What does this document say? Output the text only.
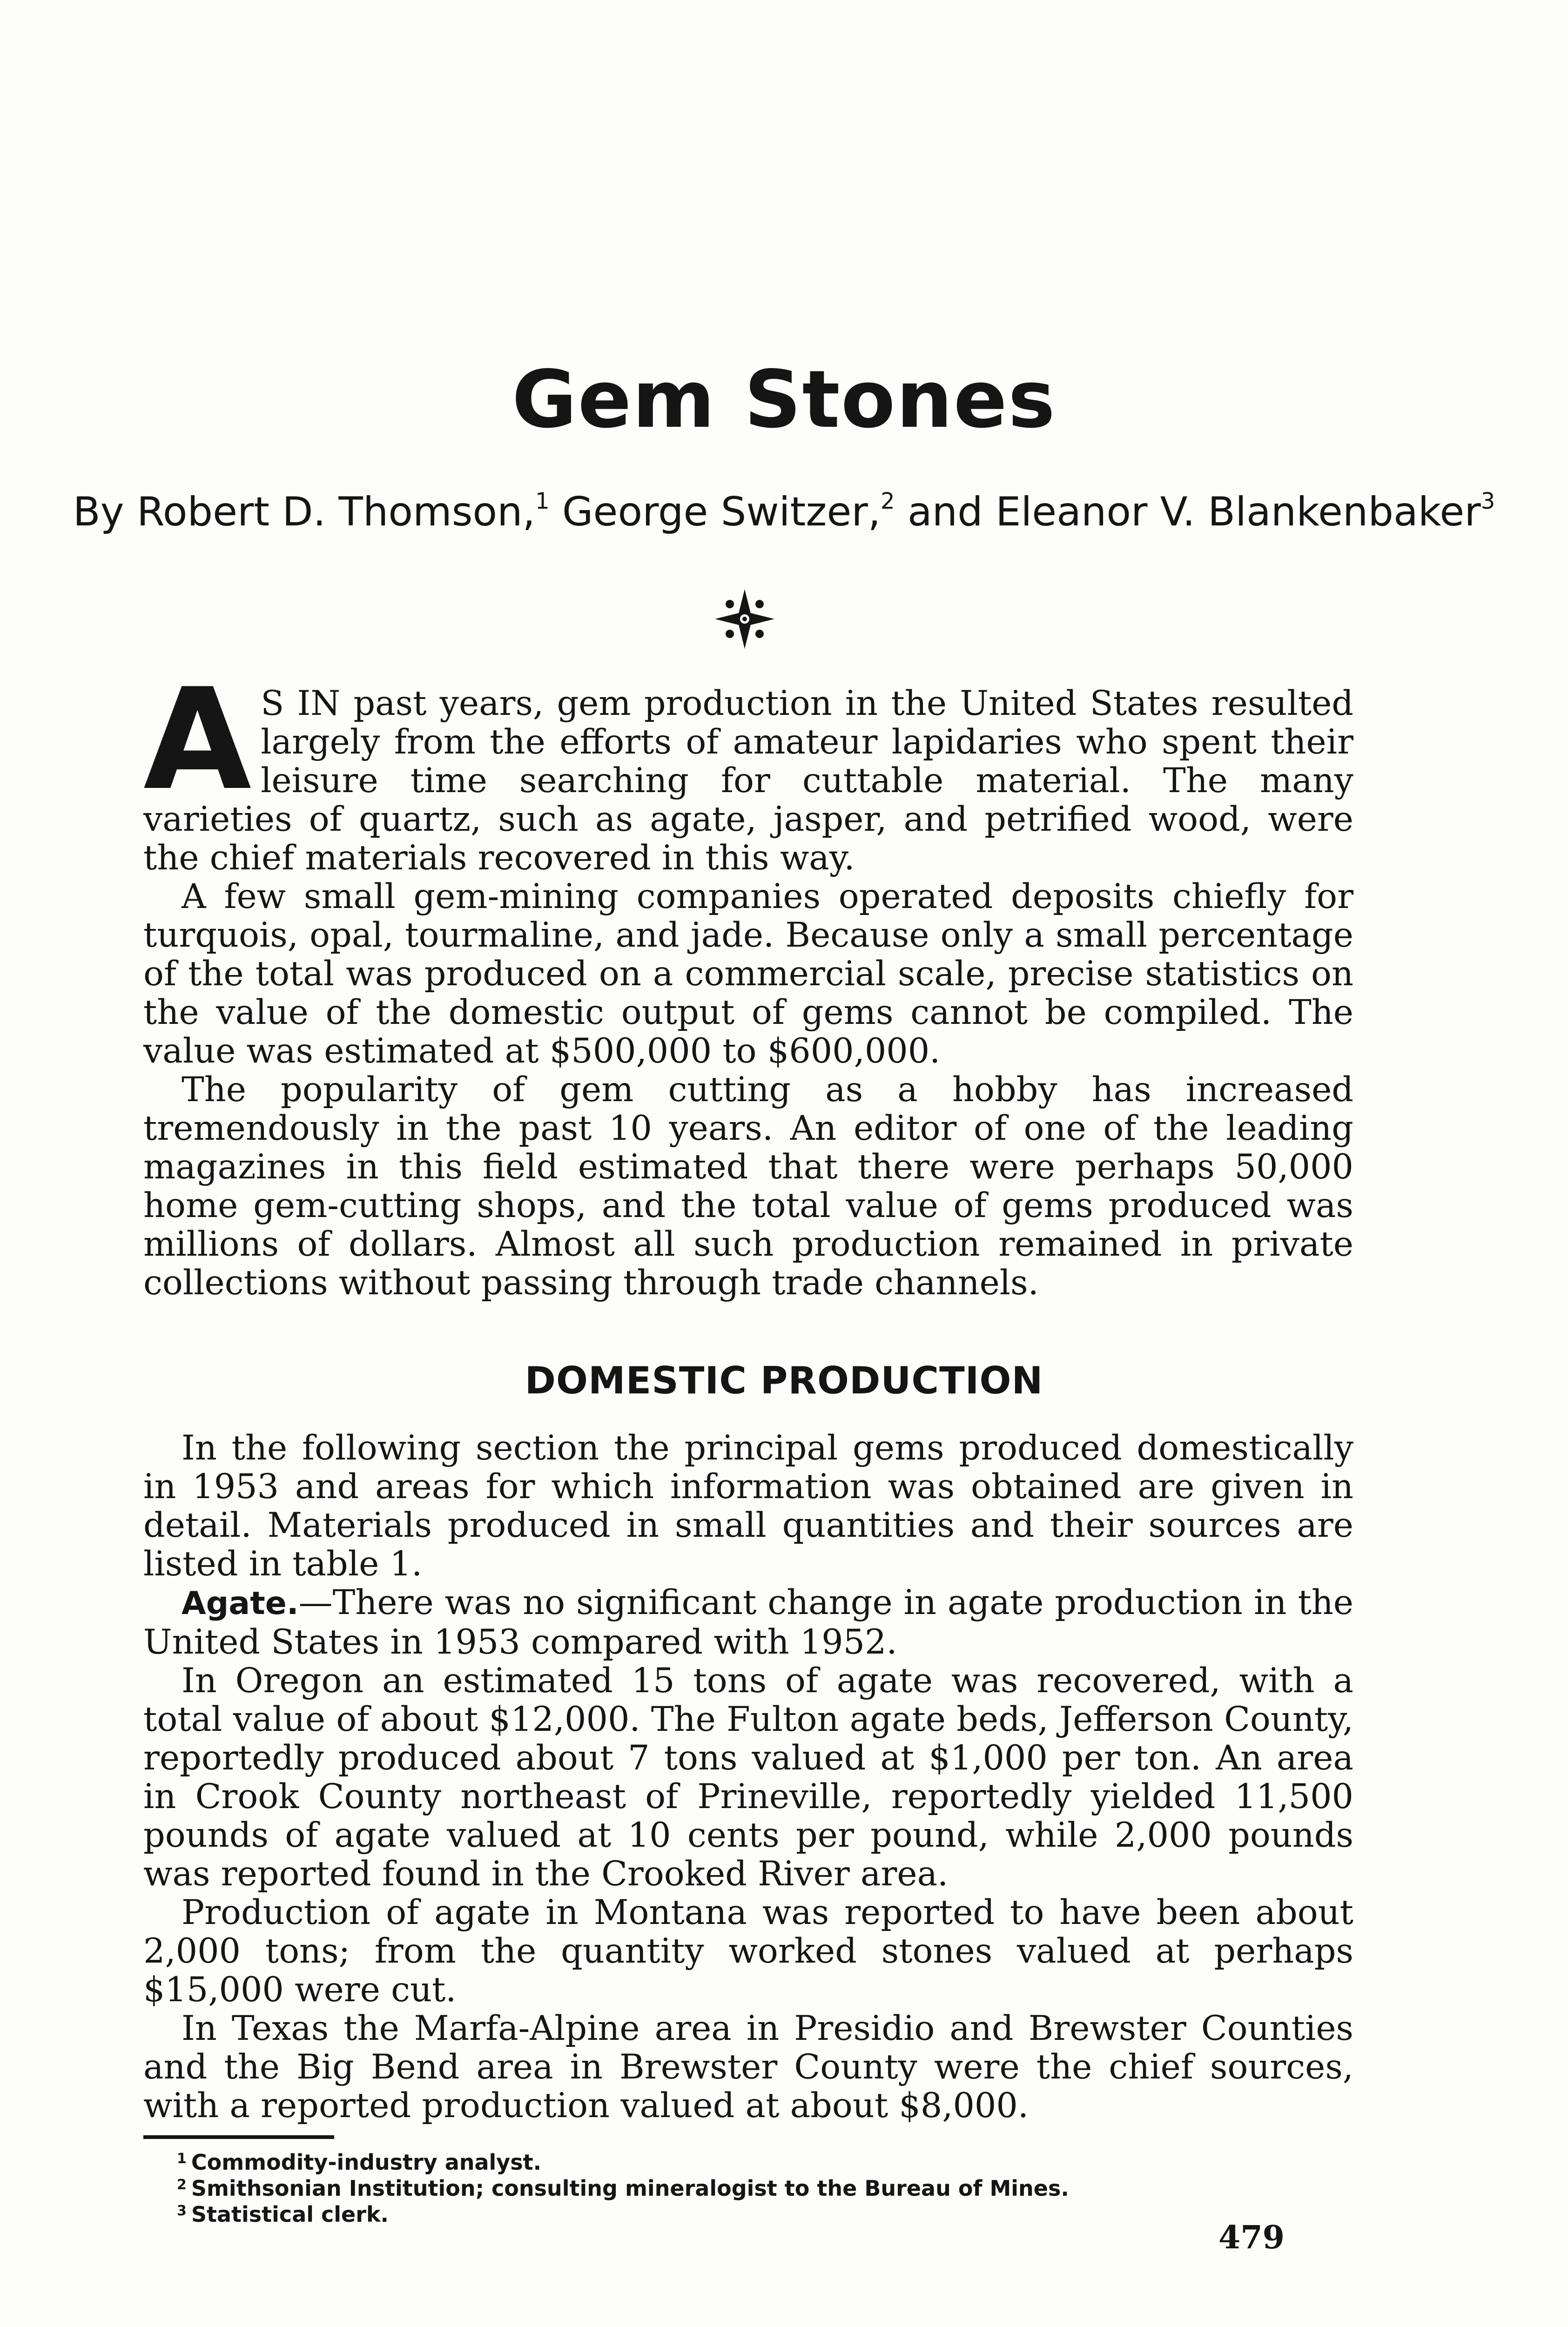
Gem Stones

By Robert D. Thomson,$^1$ George Switzer,$^2$ and Eleanor V. Blankenbaker$^3$

A S IN past years, gem production in the United States resulted largely from the efforts of amateur lapidaries who spent their leisure time searching for cuttable material. The many varieties of quartz, such as agate, jasper, and petrified wood, were the chief materials recovered in this way.

A few small gem-mining companies operated deposits chiefly for turquois, opal, tourmaline, and jade. Because only a small percentage of the total was produced on a commercial scale, precise statistics on the value of the domestic output of gems cannot be compiled. The value was estimated at $500,000 to $600,000.

The popularity of gem cutting as a hobby has increased tremendously in the past 10 years. An editor of one of the leading magazines in this field estimated that there were perhaps 50,000 home gem-cutting shops, and the total value of gems produced was millions of dollars. Almost all such production remained in private collections without passing through trade channels.

DOMESTIC PRODUCTION

In the following section the principal gems produced domestically in 1953 and areas for which information was obtained are given in detail. Materials produced in small quantities and their sources are listed in table 1.

Agate.—There was no significant change in agate production in the United States in 1953 compared with 1952.

In Oregon an estimated 15 tons of agate was recovered, with a total value of about $12,000. The Fulton agate beds, Jefferson County, reportedly produced about 7 tons valued at $1,000 per ton. An area in Crook County northeast of Prineville, reportedly yielded 11,500 pounds of agate valued at 10 cents per pound, while 2,000 pounds was reported found in the Crooked River area.

Production of agate in Montana was reported to have been about 2,000 tons; from the quantity worked stones valued at perhaps $15,000 were cut.

In Texas the Marfa-Alpine area in Presidio and Brewster Counties and the Big Bend area in Brewster County were the chief sources, with a reported production valued at about $8,000.

$^1$ Commodity-industry analyst.

$^2$ Smithsonian Institution; consulting mineralogist to the Bureau of Mines.

$^3$ Statistical clerk.

479
